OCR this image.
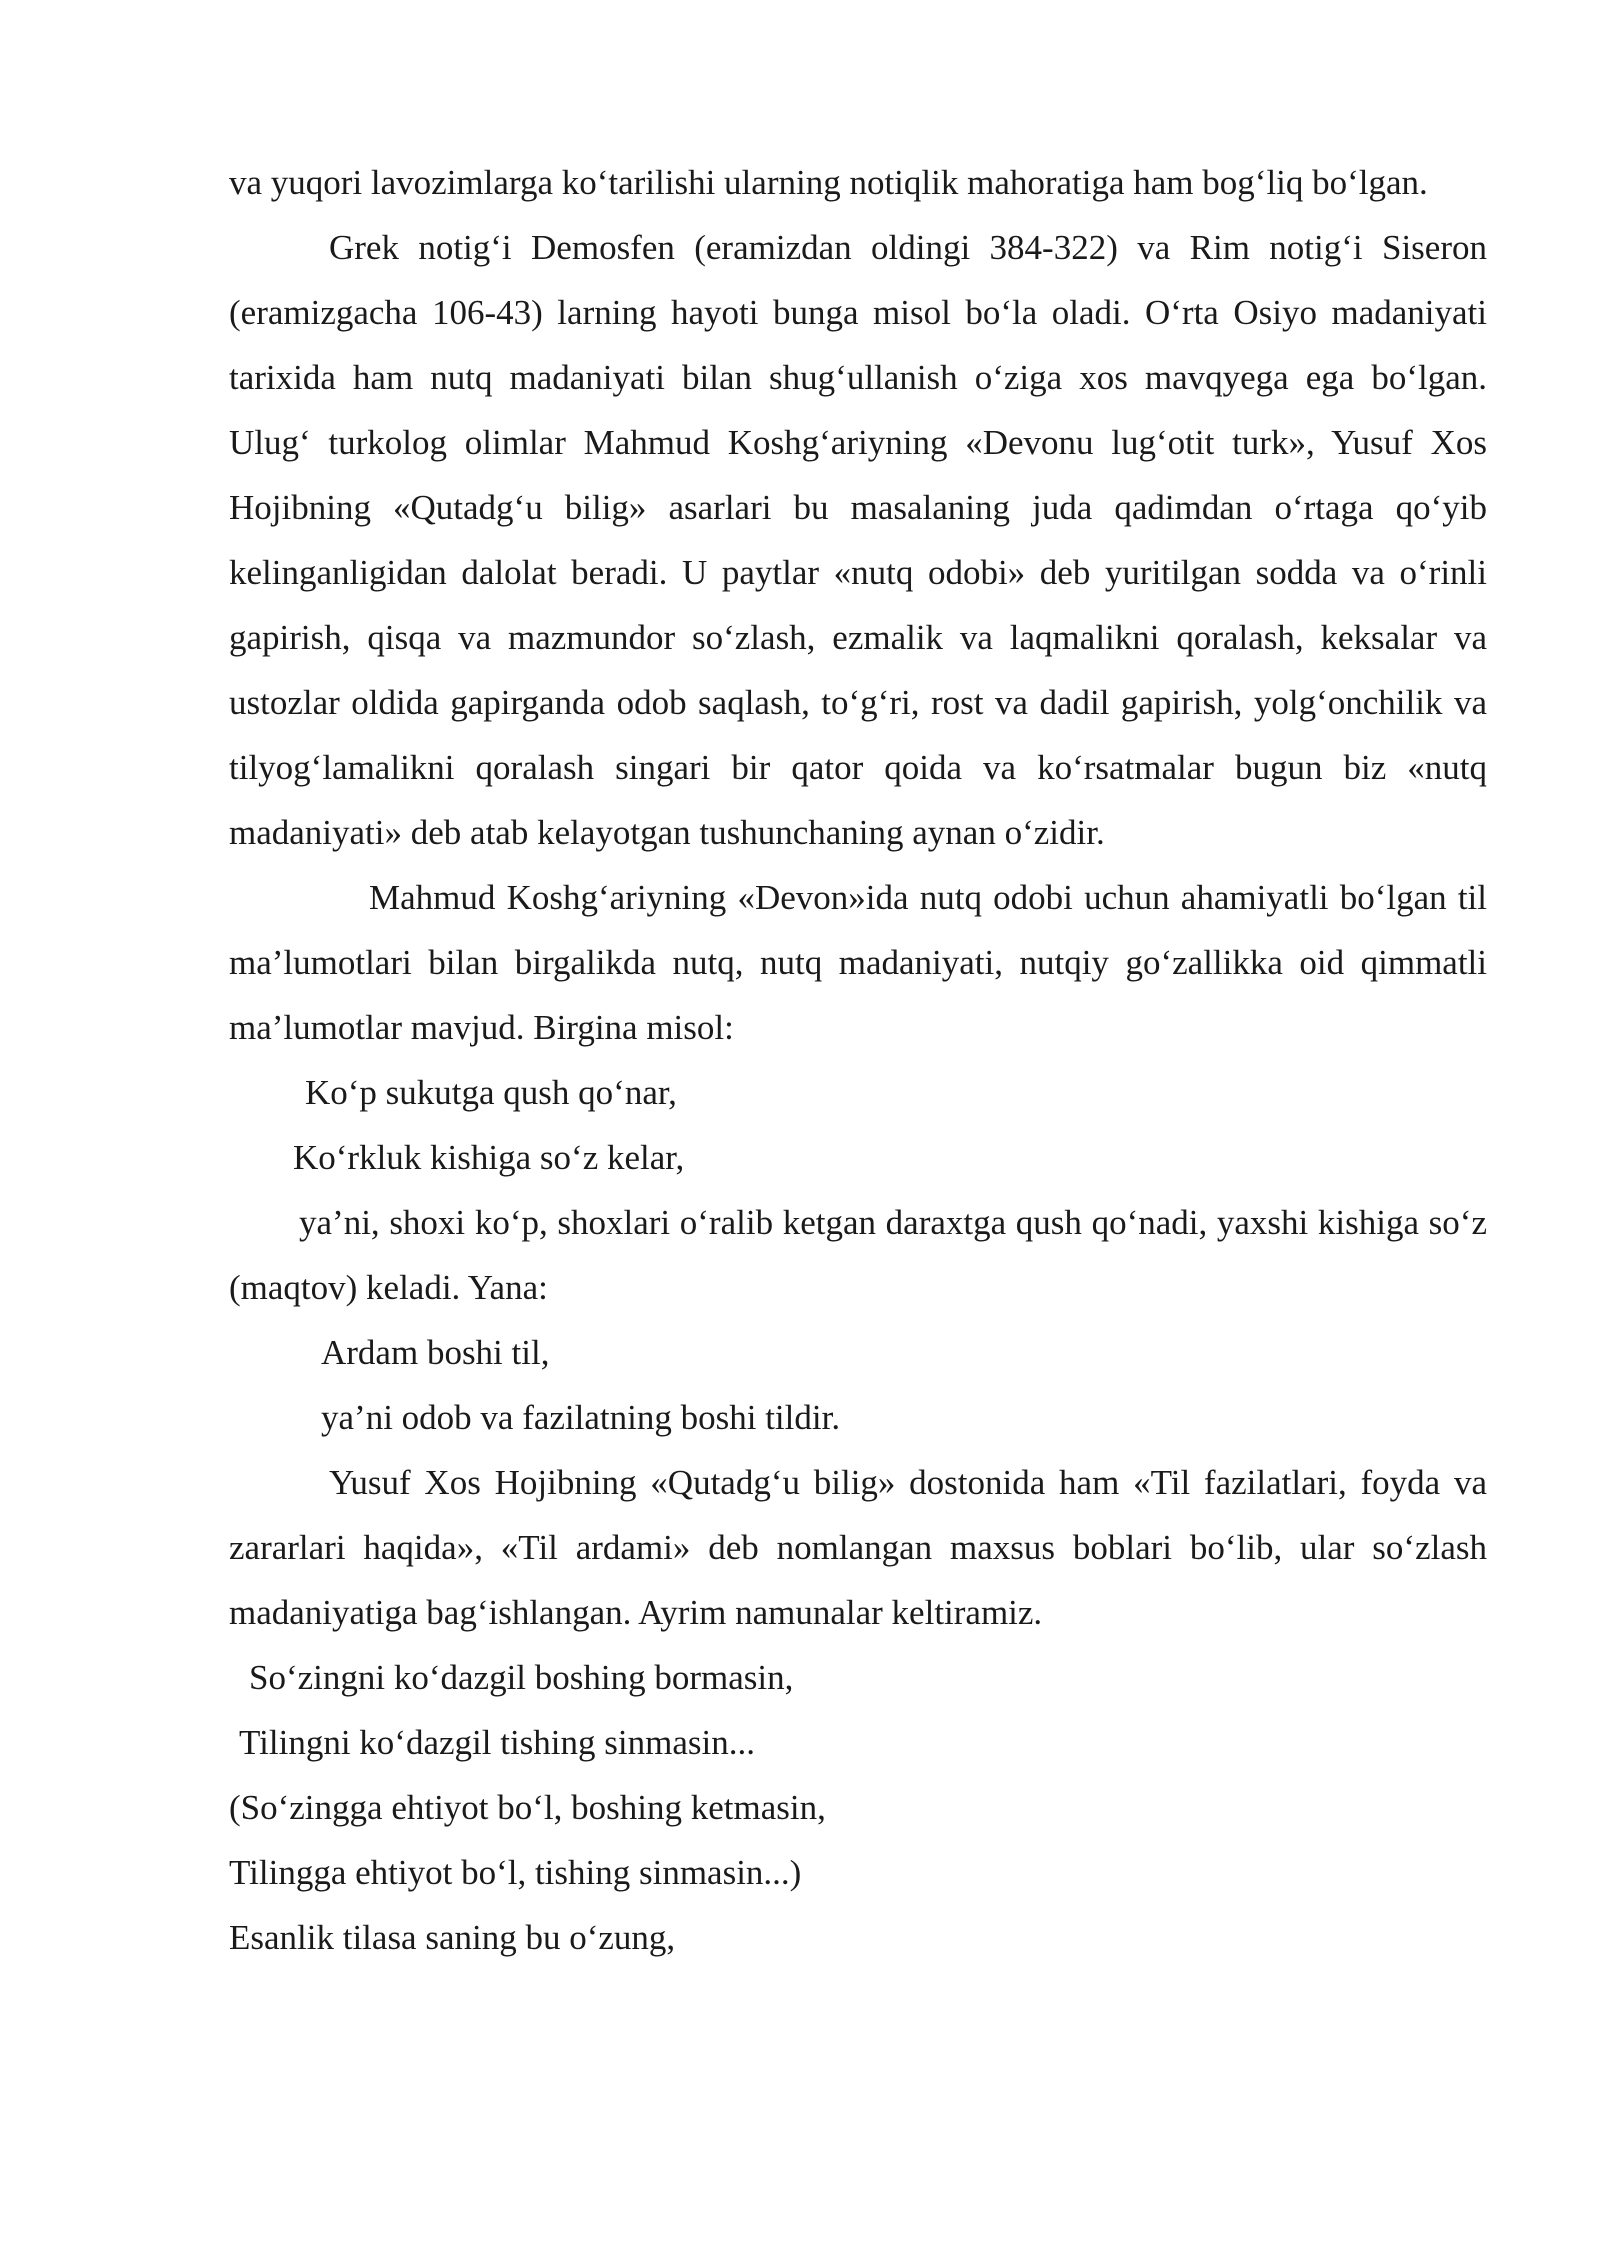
va yuqori lavozimlarga ko‘tarilishi ularning notiqlik mahoratiga ham bog‘liq bo‘lgan.

Grek notig‘i Demosfen (eramizdan oldingi 384-322) va Rim notig‘i Siseron (eramizgacha 106-43) larning hayoti bunga misol bo‘la oladi. O‘rta Osiyo madaniyati tarixida ham nutq madaniyati bilan shug‘ullanish o‘ziga xos mavqyega ega bo‘lgan. Ulug‘ turkolog olimlar Mahmud Koshg‘ariyning «Devonu lug‘otit turk», Yusuf Xos Hojibning «Qutadg‘u bilig» asarlari bu masalaning juda qadimdan o‘rtaga qo‘yib kelinganligidan dalolat beradi. U paytlar «nutq odobi» deb yuritilgan sodda va o‘rinli gapirish, qisqa va mazmundor so‘zlash, ezmalik va laqmalikni qoralash, keksalar va ustozlar oldida gapirganda odob saqlash, to‘g‘ri, rost va dadil gapirish, yolg‘onchilik va tilyog‘lamalikni qoralash singari bir qator qoida va ko‘rsatmalar bugun biz «nutq madaniyati» deb atab kelayotgan tushunchaning aynan o‘zidir.

Mahmud Koshg‘ariyning «Devon»ida nutq odobi uchun ahamiyatli bo‘lgan til ma’lumotlari bilan birgalikda nutq, nutq madaniyati, nutqiy go‘zallikka oid qimmatli ma’lumotlar mavjud. Birgina misol:

Ko‘p sukutga qush qo‘nar,

Ko‘rkluk kishiga so‘z kelar,

ya’ni, shoxi ko‘p, shoxlari o‘ralib ketgan daraxtga qush qo‘nadi, yaxshi kishiga so‘z (maqtov) keladi. Yana:

Ardam boshi til,

ya’ni odob va fazilatning boshi tildir.

Yusuf Xos Hojibning «Qutadg‘u bilig» dostonida ham «Til fazilatlari, foyda va zararlari haqida», «Til ardami» deb nomlangan maxsus boblari bo‘lib, ular so‘zlash madaniyatiga bag‘ishlangan. Ayrim namunalar keltiramiz.

So‘zingni ko‘dazgil boshing bormasin,

Tilingni ko‘dazgil tishing sinmasin...

(So‘zingga ehtiyot bo‘l, boshing ketmasin,

Tilingga ehtiyot bo‘l, tishing sinmasin...)

Esanlik tilasa saning bu o‘zung,
